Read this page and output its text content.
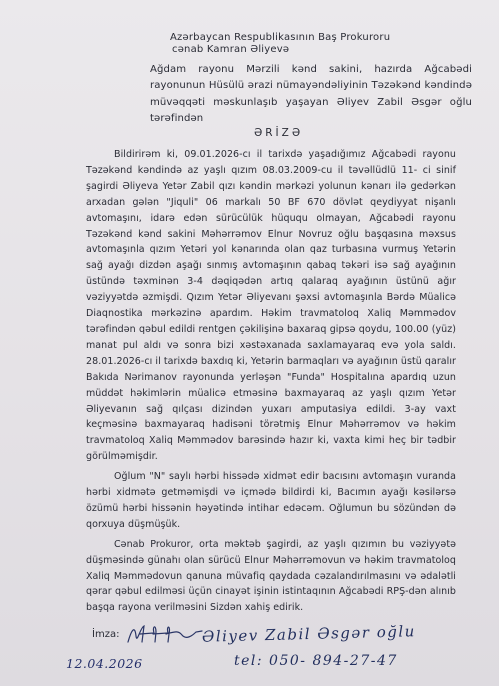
Azərbaycan Respublikasının Baş Prokuroru
cənab Kamran Əliyevə
Ağdam rayonu Mərzili kənd sakini, hazırda Ağcabədi rayonunun Hüsülü ərazi nümayəndəliyinin Təzəkənd kəndində müvəqqəti məskunlaşıb yaşayan Əliyev Zabil Əsgər oğlu tərəfindən
ƏRİZƏ

Bildirirəm ki, 09.01.2026-cı il tarixdə yaşadığımız Ağcabədi rayonu Təzəkənd kəndində az yaşlı qızım 08.03.2009-cu il təvəllüdlü 11- ci sinif şagirdi Əliyeva Yetər Zabil qızı kəndin mərkəzi yolunun kənarı ilə gedərkən arxadan gələn "Jiquli" 06 markalı 50 BF 670 dövlət qeydiyyat nişanlı avtomaşını, idarə edən sürücülük hüququ olmayan, Ağcabədi rayonu Təzəkənd kənd sakini Məhərrəmov Elnur Novruz oğlu başqasına məxsus avtomaşınla qızım Yetəri yol kənarında olan qaz turbasına vurmuş Yetərin sağ ayağı dizdən aşağı sınmış avtomaşının qabaq təkəri isə sağ ayağının üstündə təxminən 3-4 dəqiqədən artıq qalaraq ayağının üstünü ağır vəziyyətdə əzmişdi. Qızım Yetər Əliyevanı şəxsi avtomaşınla Bərdə Müalicə Diaqnostika mərkəzinə apardım. Həkim travmatoloq Xaliq Məmmədov tərəfindən qəbul edildi rentgen çəkilişinə baxaraq gipsə qoydu, 100.00 (yüz) manat pul aldı və sonra bizi xəstəxanada saxlamayaraq evə yola saldı. 28.01.2026-cı il tarixdə baxdıq ki, Yetərin barmaqları və ayağının üstü qaralır Bakıda Nərimanov rayonunda yerləşən "Funda" Hospitalına apardıq uzun müddət həkimlərin müalicə etməsinə baxmayaraq az yaşlı qızım Yetər Əliyevanın sağ qılçası dizindən yuxarı amputasiya edildi. 3-ay vaxt keçməsinə baxmayaraq hadisəni törətmiş Elnur Məhərrəmov və həkim travmatoloq Xaliq Məmmədov barəsində hazır ki, vaxta kimi heç bir tədbir görülməmişdir.

Oğlum "N" saylı hərbi hissədə xidmət edir bacısını avtomaşın vuranda hərbi xidmətə getməmişdi və içmədə bildirdi ki, Bacımın ayağı kəsilərsə özümü hərbi hissənin həyətində intihar edəcəm. Oğlumun bu sözündən də qorxuya düşmüşük.

Cənab Prokuror, orta məktəb şagirdi, az yaşlı qızımın bu vəziyyətə düşməsində günahı olan sürücü Elnur Məhərrəmovun və həkim travmatoloq Xaliq Məmmədovun qanuna müvafiq qaydada cəzalandırılmasını və ədalətli qərar qəbul edilməsi üçün cinayət işinin istintaqının Ağcabədi RPŞ-dən alınıb başqa rayona verilməsini Sizdən xahiş edirik.

İmza:	Əliyev Zabil Əsgər oğlu
12.04.2026	tel: 050- 894-27-47
